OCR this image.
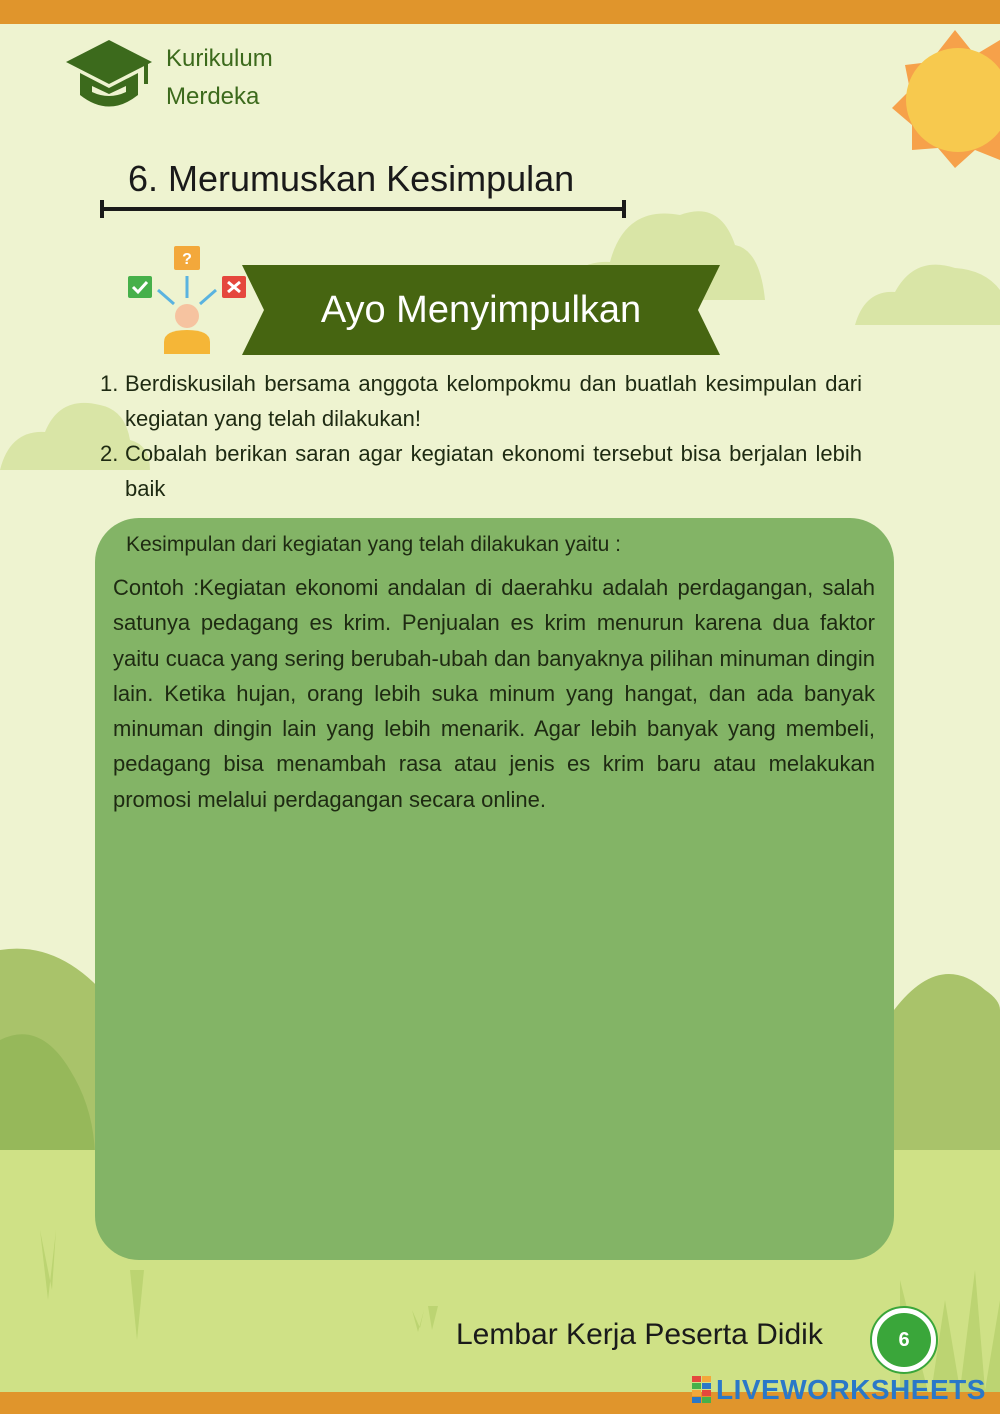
Kurikulum
Merdeka
6. Merumuskan Kesimpulan
?
Ayo Menyimpulkan
1. Berdiskusilah bersama anggota kelompokmu dan buatlah kesimpulan dari kegiatan yang telah dilakukan!
2. Cobalah berikan saran agar kegiatan ekonomi tersebut bisa berjalan lebih baik
Kesimpulan dari kegiatan yang telah dilakukan yaitu :

Contoh :Kegiatan ekonomi andalan di daerahku adalah perdagangan, salah satunya pedagang es krim. Penjualan es krim menurun karena dua faktor yaitu cuaca yang sering berubah-ubah dan banyaknya pilihan minuman dingin lain. Ketika hujan, orang lebih suka minum yang hangat, dan ada banyak minuman dingin lain yang lebih menarik. Agar lebih banyak yang membeli, pedagang bisa menambah rasa atau jenis es krim baru atau melakukan promosi melalui perdagangan secara online.

Lembar Kerja Peserta Didik	6
LIVEWORKSHEETS
